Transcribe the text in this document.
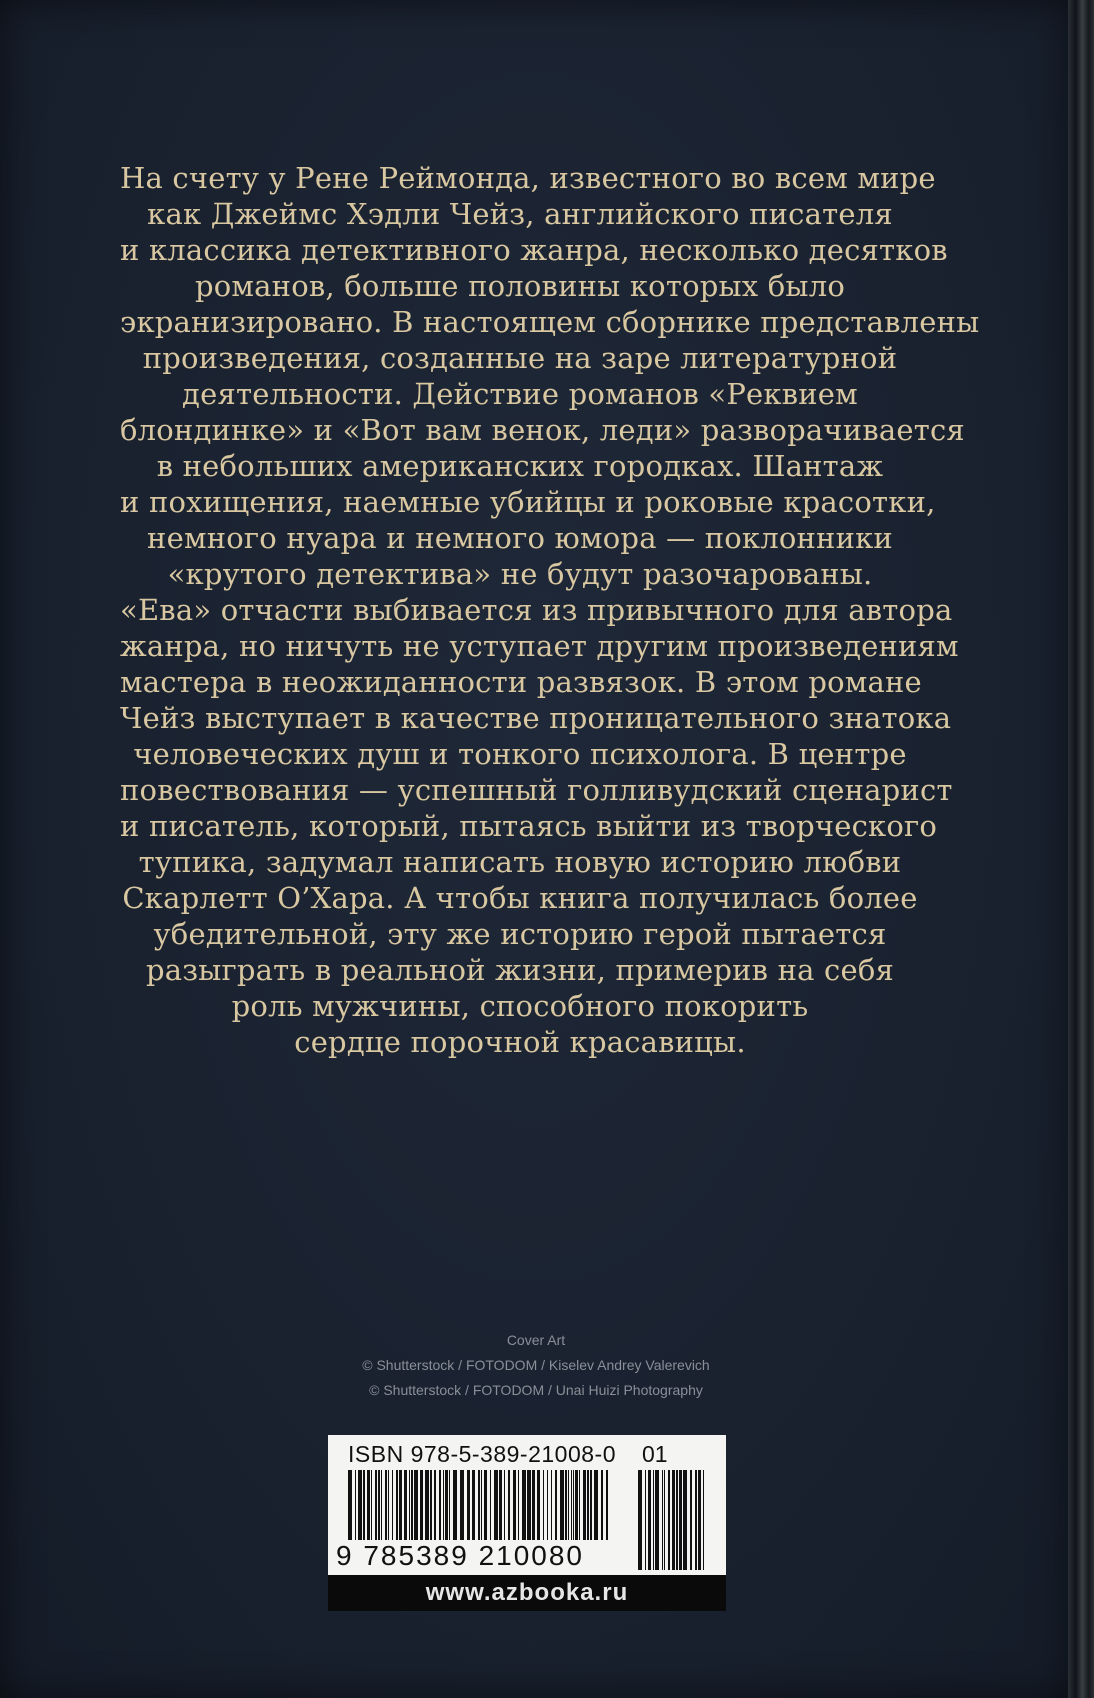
На счету у Рене Реймонда, известного во всем мире
как Джеймс Хэдли Чейз, английского писателя
и классика детективного жанра, несколько десятков
романов, больше половины которых было
экранизировано. В настоящем сборнике представлены
произведения, созданные на заре литературной
деятельности. Действие романов «Реквием
блондинке» и «Вот вам венок, леди» разворачивается
в небольших американских городках. Шантаж
и похищения, наемные убийцы и роковые красотки,
немного нуара и немного юмора — поклонники
«крутого детектива» не будут разочарованы.
«Ева» отчасти выбивается из привычного для автора
жанра, но ничуть не уступает другим произведениям
мастера в неожиданности развязок. В этом романе
Чейз выступает в качестве проницательного знатока
человеческих душ и тонкого психолога. В центре
повествования — успешный голливудский сценарист
и писатель, который, пытаясь выйти из творческого
тупика, задумал написать новую историю любви
Скарлетт О’Хара. А чтобы книга получилась более
убедительной, эту же историю герой пытается
разыграть в реальной жизни, примерив на себя
роль мужчины, способного покорить
сердце порочной красавицы.

Cover Art
© Shutterstock / FOTODOM / Kiselev Andrey Valerevich
© Shutterstock / FOTODOM / Unai Huizi Photography
ISBN 978-5-389-21008-0 01
9 785389 210080
www.azbooka.ru
